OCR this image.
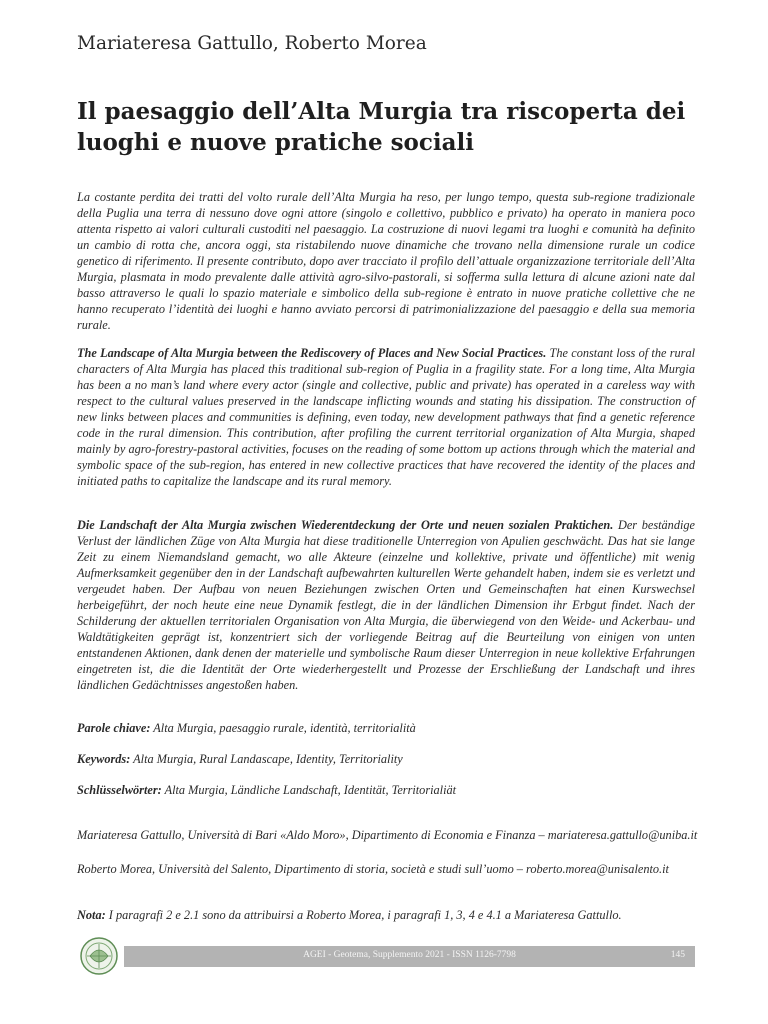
Mariateresa Gattullo, Roberto Morea
Il paesaggio dell’Alta Murgia tra riscoperta dei luoghi e nuove pratiche sociali

La costante perdita dei tratti del volto rurale dell’Alta Murgia ha reso, per lungo tempo, questa sub-regione tradizionale della Puglia una terra di nessuno dove ogni attore (singolo e collettivo, pubblico e privato) ha operato in maniera poco attenta rispetto ai valori culturali custoditi nel paesaggio. La costruzione di nuovi legami tra luoghi e comunità ha definito un cambio di rotta che, ancora oggi, sta ristabilendo nuove dinamiche che trovano nella dimensione rurale un codice genetico di riferimento. Il presente contributo, dopo aver tracciato il profilo dell’attuale organizzazione territoriale dell’Alta Murgia, plasmata in modo prevalente dalle attività agro-silvo-pastorali, si sofferma sulla lettura di alcune azioni nate dal basso attraverso le quali lo spazio materiale e simbolico della sub-regione è entrato in nuove pratiche collettive che ne hanno recuperato l’identità dei luoghi e hanno avviato percorsi di patrimonializzazione del paesaggio e della sua memoria rurale.

The Landscape of Alta Murgia between the Rediscovery of Places and New Social Practices. The constant loss of the rural characters of Alta Murgia has placed this traditional sub-region of Puglia in a fragility state. For a long time, Alta Murgia has been a no man’s land where every actor (single and collective, public and private) has operated in a careless way with respect to the cultural values preserved in the landscape inflicting wounds and stating his dissipation. The construction of new links between places and communities is defining, even today, new development pathways that find a genetic reference code in the rural dimension. This contribution, after profiling the current territorial organization of Alta Murgia, shaped mainly by agro-forestry-pastoral activities, focuses on the reading of some bottom up actions through which the material and symbolic space of the sub-region, has entered in new collective practices that have recovered the identity of the places and initiated paths to capitalize the landscape and its rural memory.

Die Landschaft der Alta Murgia zwischen Wiederentdeckung der Orte und neuen sozialen Praktichen. Der beständige Verlust der ländlichen Züge von Alta Murgia hat diese traditionelle Unterregion von Apulien geschwächt. Das hat sie lange Zeit zu einem Niemandsland gemacht, wo alle Akteure (einzelne und kollektive, private und öffentliche) mit wenig Aufmerksamkeit gegenüber den in der Landschaft aufbewahrten kulturellen Werte gehandelt haben, indem sie es verletzt und vergeudet haben. Der Aufbau von neuen Beziehungen zwischen Orten und Gemeinschaften hat einen Kurswechsel herbeigeführt, der noch heute eine neue Dynamik festlegt, die in der ländlichen Dimension ihr Erbgut findet. Nach der Schilderung der aktuellen territorialen Organisation von Alta Murgia, die überwiegend von den Weide- und Ackerbau- und Waldtätigkeiten geprägt ist, konzentriert sich der vorliegende Beitrag auf die Beurteilung von einigen von unten entstandenen Aktionen, dank denen der materielle und symbolische Raum dieser Unterregion in neue kollektive Erfahrungen eingetreten ist, die die Identität der Orte wiederhergestellt und Prozesse der Erschließung der Landschaft und ihres ländlichen Gedächtnisses angestoßen haben.

Parole chiave: Alta Murgia, paesaggio rurale, identità, territorialità

Keywords: Alta Murgia, Rural Landascape, Identity, Territoriality

Schlüsselwörter: Alta Murgia, Ländliche Landschaft, Identität, Territorialiät

Mariateresa Gattullo, Università di Bari «Aldo Moro», Dipartimento di Economia e Finanza – mariateresa.gattullo@uniba.it

Roberto Morea, Università del Salento, Dipartimento di storia, società e studi sull’uomo – roberto.morea@unisalento.it

Nota: I paragrafi 2 e 2.1 sono da attribuirsi a Roberto Morea, i paragrafi 1, 3, 4 e 4.1 a Mariateresa Gattullo.

AGEI - Geotema, Supplemento 2021 - ISSN 1126-7798	145
